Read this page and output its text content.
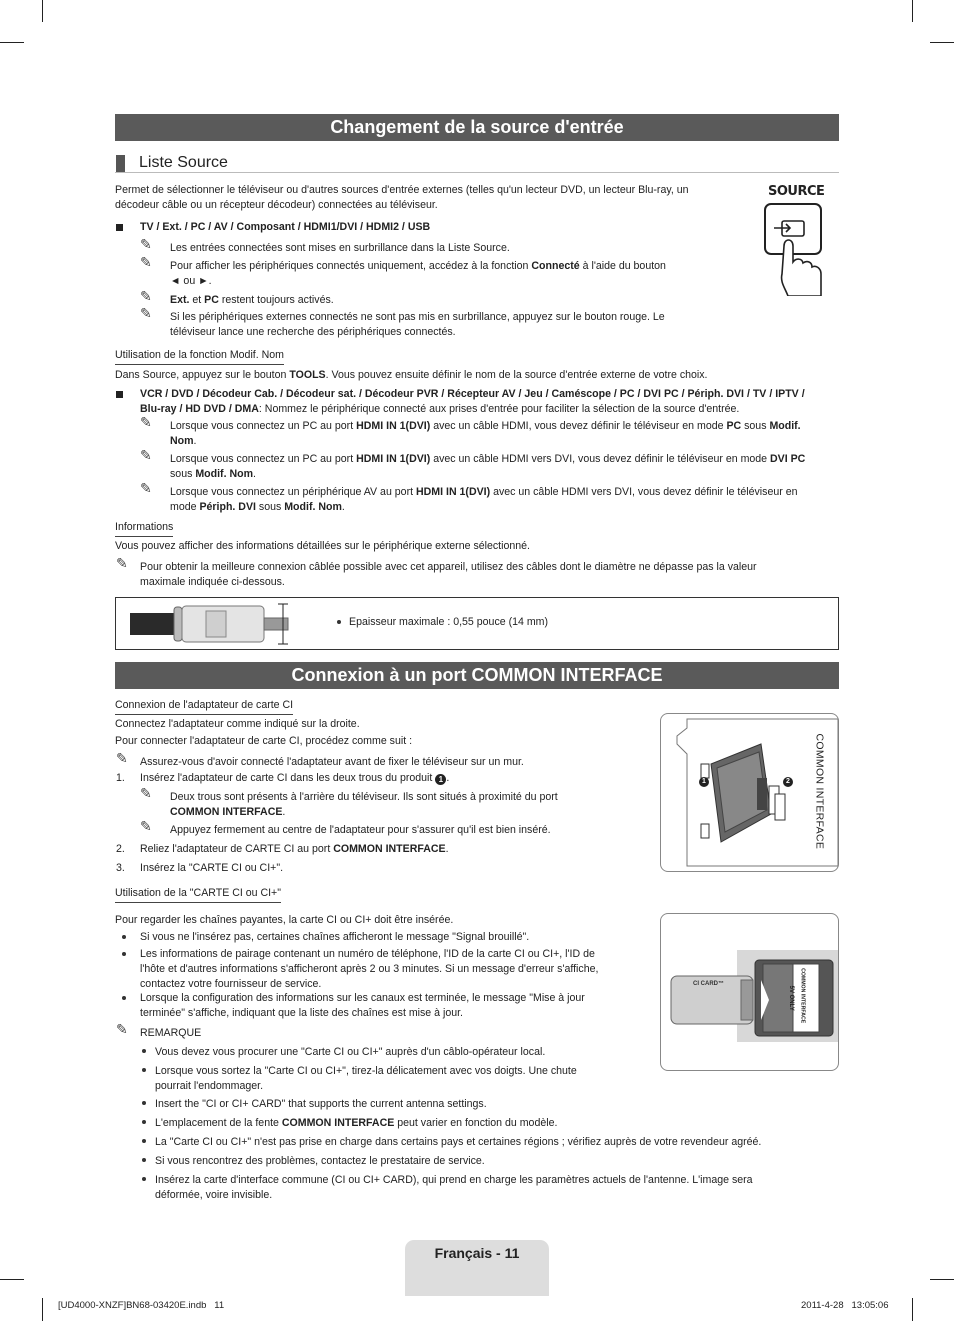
Changement de la source d'entrée
Liste Source
Permet de sélectionner le téléviseur ou d'autres sources d'entrée externes (telles qu'un lecteur DVD, un lecteur Blu-ray, un décodeur câble ou un récepteur décodeur) connectées au téléviseur.
SOURCE
TV / Ext. / PC / AV / Composant / HDMI1/DVI / HDMI2 / USB
✎ Les entrées connectées sont mises en surbrillance dans la Liste Source.
✎ Pour afficher les périphériques connectés uniquement, accédez à la fonction Connecté à l'aide du bouton
◄ ou ►.
✎ Ext. et PC restent toujours activés.
✎ Si les périphériques externes connectés ne sont pas mis en surbrillance, appuyez sur le bouton rouge. Le
téléviseur lance une recherche des périphériques connectés.
Utilisation de la fonction Modif. Nom
Dans Source, appuyez sur le bouton TOOLS. Vous pouvez ensuite définir le nom de la source d'entrée externe de votre choix.
VCR / DVD / Décodeur Cab. / Décodeur sat. / Décodeur PVR / Récepteur AV / Jeu / Caméscope / PC / DVI PC / Périph. DVI / TV / IPTV /
Blu-ray / HD DVD / DMA: Nommez le périphérique connecté aux prises d'entrée pour faciliter la sélection de la source d'entrée.
✎ Lorsque vous connectez un PC au port HDMI IN 1(DVI) avec un câble HDMI, vous devez définir le téléviseur en mode PC sous Modif.
Nom.
✎ Lorsque vous connectez un PC au port HDMI IN 1(DVI) avec un câble HDMI vers DVI, vous devez définir le téléviseur en mode DVI PC
sous Modif. Nom.
✎ Lorsque vous connectez un périphérique AV au port HDMI IN 1(DVI) avec un câble HDMI vers DVI, vous devez définir le téléviseur en
mode Périph. DVI sous Modif. Nom.
Informations
Vous pouvez afficher des informations détaillées sur le périphérique externe sélectionné.
✎ Pour obtenir la meilleure connexion câblée possible avec cet appareil, utilisez des câbles dont le diamètre ne dépasse pas la valeur
maximale indiquée ci-dessous.
Epaisseur maximale : 0,55 pouce (14 mm)
Connexion à un port COMMON INTERFACE
Connexion de l'adaptateur de carte CI
Connectez l'adaptateur comme indiqué sur la droite.
Pour connecter l'adaptateur de carte CI, procédez comme suit :
✎ Assurez-vous d'avoir connecté l'adaptateur avant de fixer le téléviseur sur un mur.
1. Insérez l'adaptateur de carte CI dans les deux trous du produit 1 .
✎ Deux trous sont présents à l'arrière du téléviseur. Ils sont situés à proximité du port
COMMON INTERFACE.
✎ Appuyez fermement au centre de l'adaptateur pour s'assurer qu'il est bien inséré.
2. Reliez l'adaptateur de CARTE CI au port COMMON INTERFACE.
3. Insérez la "CARTE CI ou CI+".
1	2 COMMON INTERFACE
Utilisation de la "CARTE CI ou CI+"
Pour regarder les chaînes payantes, la carte CI ou CI+ doit être insérée.
Si vous ne l'insérez pas, certaines chaînes afficheront le message "Signal brouillé".
Les informations de pairage contenant un numéro de téléphone, l'ID de la carte CI ou CI+, l'ID de
l'hôte et d'autres informations s'afficheront après 2 ou 3 minutes. Si un message d'erreur s'affiche,
contactez votre fournisseur de service.
Lorsque la configuration des informations sur les canaux est terminée, le message "Mise à jour
terminée" s'affiche, indiquant que la liste des chaînes est mise à jour.
✎ REMARQUE
Vous devez vous procurer une "Carte CI ou CI+" auprès d'un câblo-opérateur local.
Lorsque vous sortez la "Carte CI ou CI+", tirez-la délicatement avec vos doigts. Une chute
pourrait l'endommager.
Insert the "CI or CI+ CARD" that supports the current antenna settings.
L'emplacement de la fente COMMON INTERFACE peut varier en fonction du modèle.
La "Carte CI ou CI+" n'est pas prise en charge dans certains pays et certaines régions ; vérifiez auprès de votre revendeur agréé.
Si vous rencontrez des problèmes, contactez le prestataire de service.
Insérez la carte d'interface commune (CI ou CI+ CARD), qui prend en charge les paramètres actuels de l'antenne. L'image sera
déformée, voire invisible.
CI CARD™	COMMON INTERFACE
5V ONLY
Français - 11
[UD4000-XNZF]BN68-03420E.indb   11	2011-4-28   13:05:06
